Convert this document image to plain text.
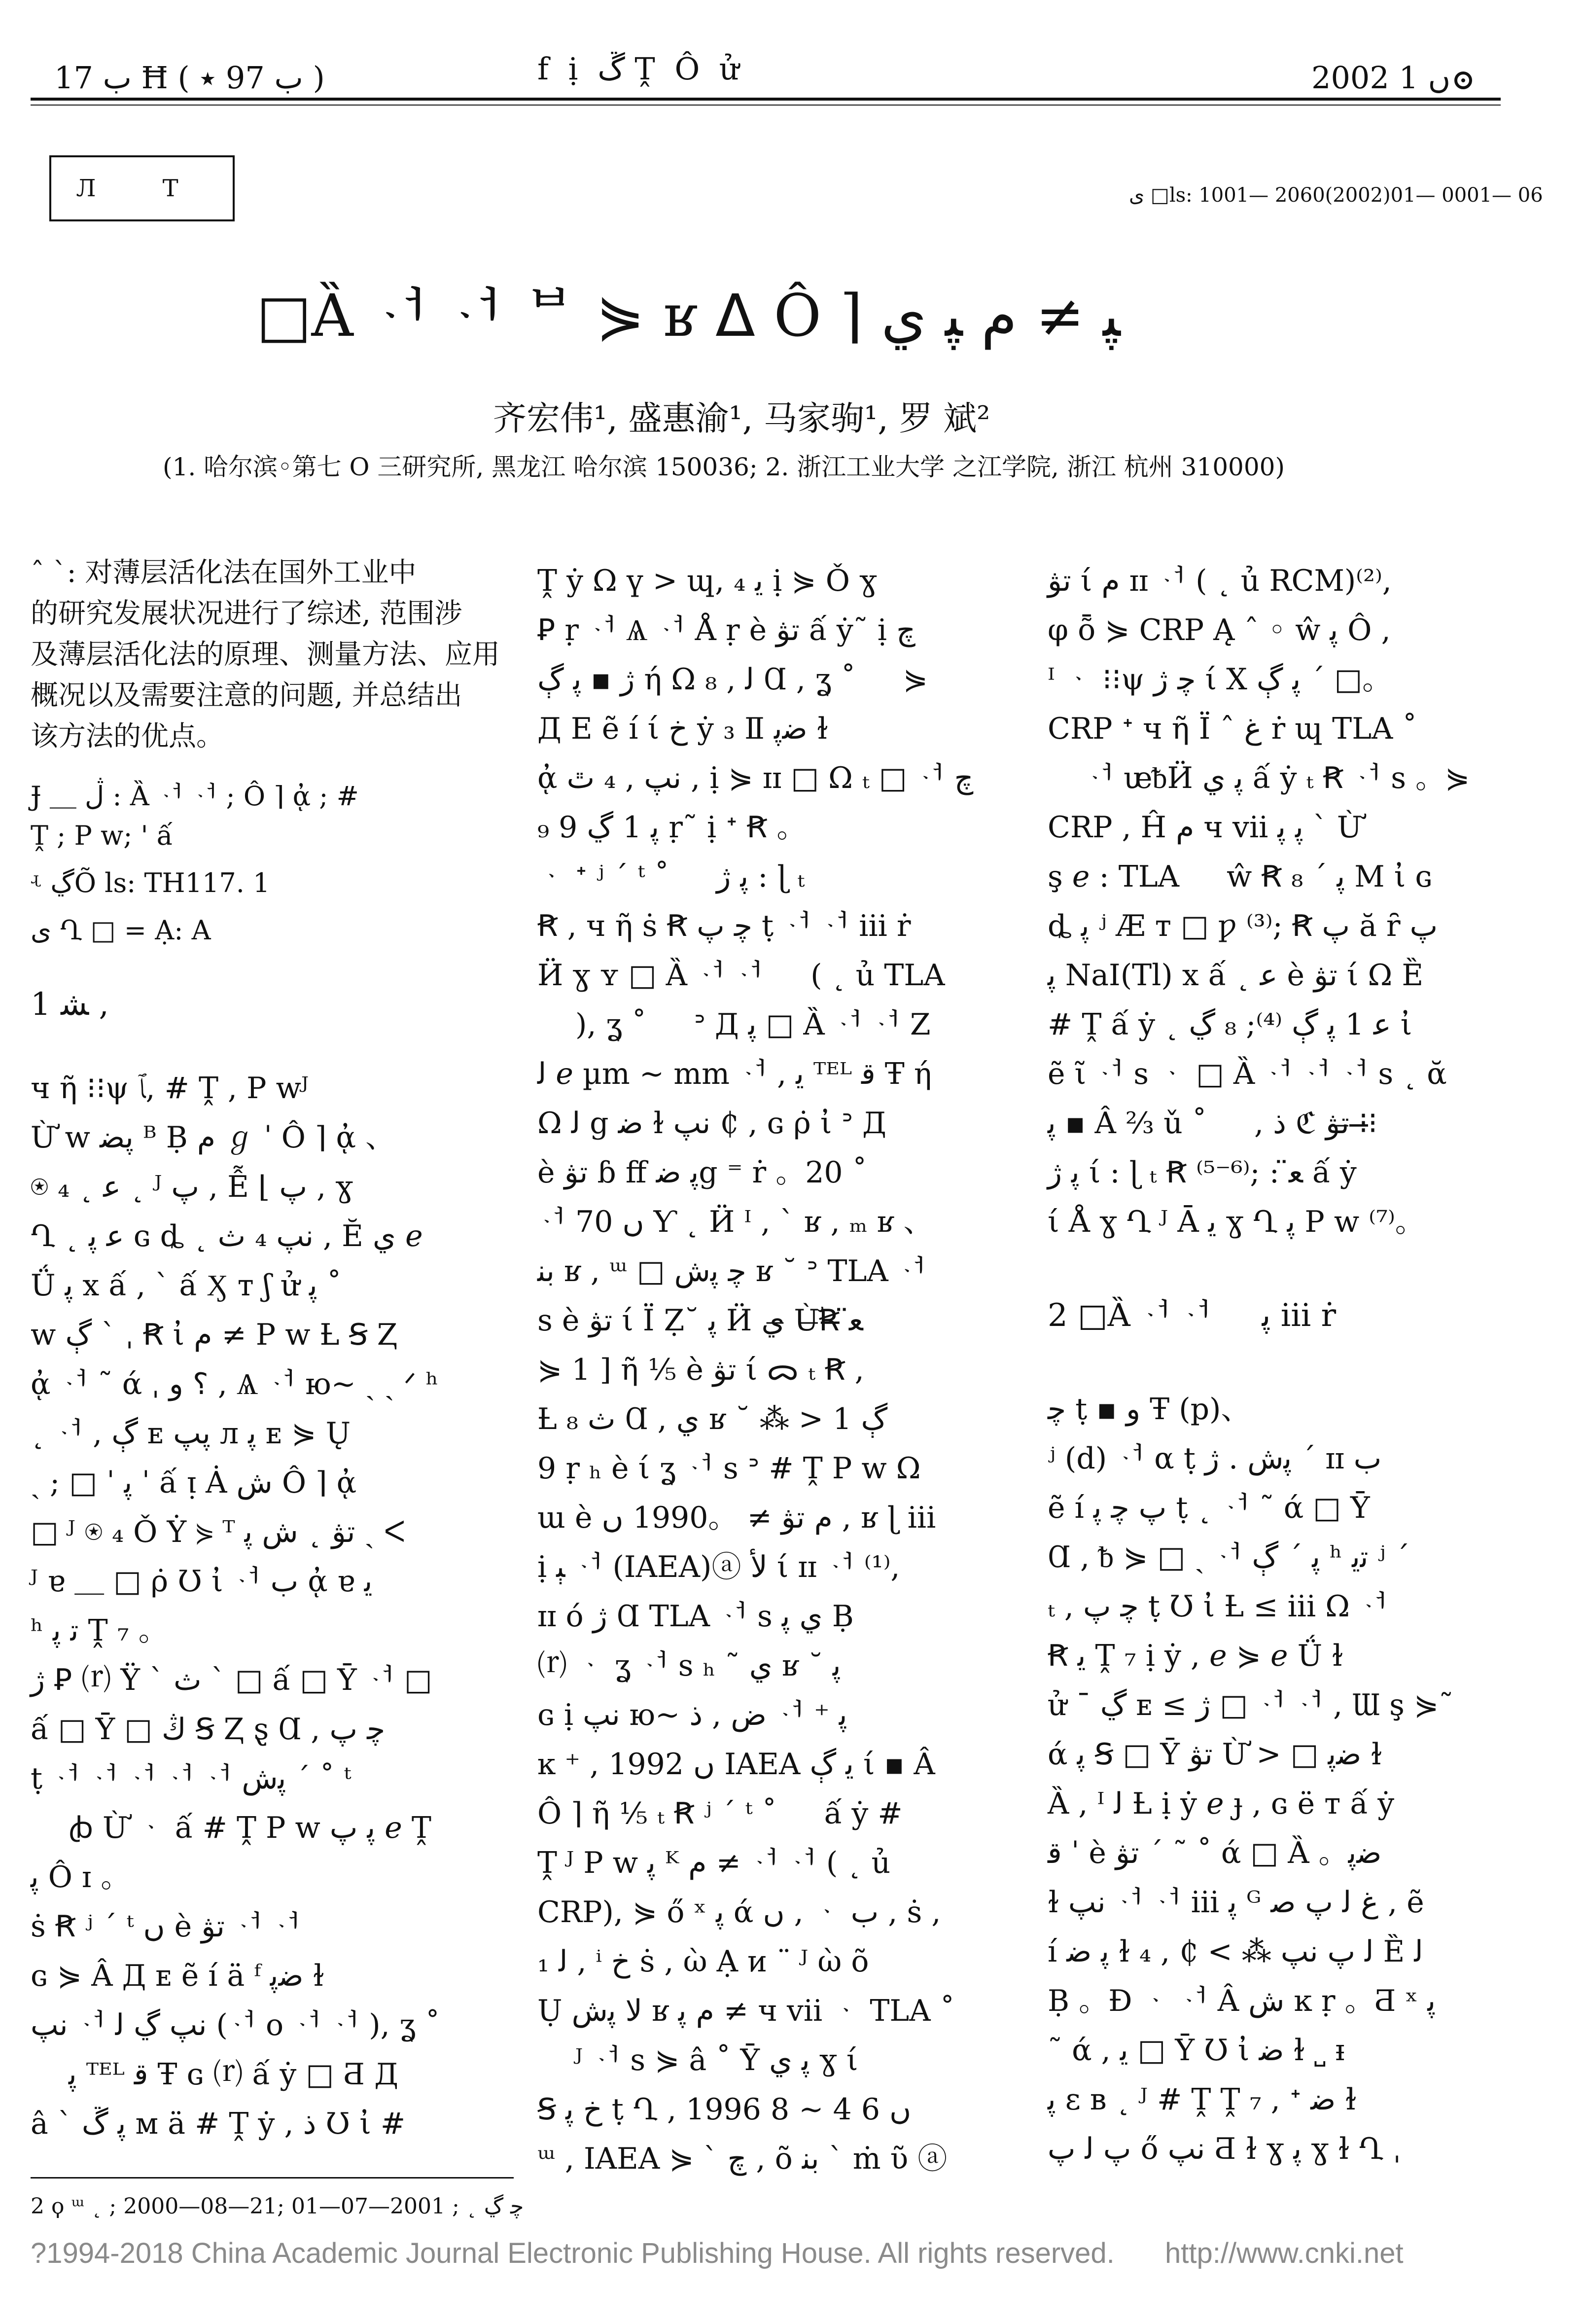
ب 17 Ħ ( ب 97 ٭ )	f ị ڱ Ṱ Ô ử	2002 ں 1
Л Т	ى □ls: 1001— 2060(2002)01— 0001— 06
□Ȁ ᆟ ᆟ ᄇ ⋟ ʁ ᐃ Ô ⌉ ﭙ ≠ ﻡ ﭙ ﻱ
齐宏伟¹, 盛惠渝¹, 马家驹¹, 罗 斌²
(1. 哈尔滨◦第七 O 三研究所, 黑龙江 哈尔滨 150036; 2. 浙江工业大学 之江学院, 浙江 杭州 310000)

ˆ ˋ: 对薄层活化法在国外工业中

的研究发展状况进行了综述, 范围涉

及薄层活化法的原理、测量方法、应用

概况以及需要注意的问题, 并总结出

该方法的优点。

Ɉ ＿ ڷ : Ȁ ᆟ ᆟ ; Ô ⌉ ᾀ ; #

Ṱ ; P w; ' ấ

ʵ ڲÕ ls: TH117. 1

ى Ղ □ = Ạ: A

1 ﺸ ,

ч ῆ ⁝⁝ψ ﭑ, # Ṱ , P wᴶ

Ừ w ﭘﻀ ᴮ Ḅ ﻡ ℊ ˈ Ô ⌉ ᾀ 、

⍟ ₄ ˛ ﻋ ˛ ᴶ ﭖ , Ễ ⌊ ﭖ , ɣ

Ղ ˛ ﻋ ﭘ ɢ ȡ ˛ ﻧﭗ ₄ ث , Ӗ ﻱ ℯ

Ǘ ﭘ x ấ , ˋ ấ Ӽ ᴛ ʃ ử ﭘ ˚ ᅟ

w ڳ ˋ ˌ Ꞧ ἰ ﻡ ≠ P w Ƚ Ꞩ Ⱬ

ᾀ ᆟ ˜ ά ˌ ؟ و , Ѧ ᆟ ю~ ˏ ˏ ᐟ ʰ

˛ ᆟ , ڳ ᴇ ﭘﭗ л ﭘ ᴇ ⋟ Ų

ˏ ; □ ˈ ﭘ ˈ ấ ᴉ Ȧ ﺵ Ô ⌉ ᾀ

□ ᴶ ⍟ ₄ Ǒ Ẏ ⋟ ᵀ ﺗﯟ ˛ ﺵ ﭘ ˏ ᐸ

ᴶ ɐ ＿ □ ρ̇ Ʊ ἰ ᆟ ب ᾀ ɐ ﻳ

ʰ ﺗ ﭘ Ṱ ₇ 。

ژ Ꝑ ⒭ Ÿ ˋ ﺙ ˋ □ ấ □ Ῡ ᆟ □

ấ □ Ῡ □ ڭ Ꞩ Ⱬ ȿ Ɑ , ﭼ ﭖ

ṭ ᆟ ᆟ ᆟ ᆟ ᆟ ﭘﺵ ˊ ˚ ᵗ

ᅟ ꞗ Ừ ᆞ ấ # Ṱ P w ﭘ ﭖ ℯ Ṱ

ﭘ Ô ɪ 。

ṡ Ꞧ ʲ ˊ ᵗ ں è ﺗﯟ ᆟ ᆟ

ɢ ⋟ Â Д ᴇ ẽ í ä ᶠ ﺿﭘ ɫ

ﻧﭗ ᆟ ﻧﭗ ڲ ﻟ (ᆟ o ᆟ ᆟ ), ʓ ˚

ᅟ ﭘ ᵀᴱᴸ ﻗ Ŧ ɢ ⒭ ấ ẏ □ Ƌ Д

â ˋ ﭘ ڱ ᴍ ä # Ṱ ẏ , ﺫ Ʊ ἰ #

Ṱ ẏ Ω ү > ɰ, ₄ ﻳ ị ⋟ Ǒ ɣ

Ꝑ ṛ ᆟ Ѧ ᆟ Å ṛ è ﺗﯟ ấ ẏ˜ ị ﭺ

ژ ▪ ﭘ ڳ ή Ω ﻟ , ₈ Ɑ , ʓ ˚ ᅟ ⋟

Д E ẽ í ί ﺥ ẏ ₃ Ⅱ ﺿﭘ ɫ

ᾀ ﻧﭗ , ₄ ٿ , ị ⋟ ɪɪ □ Ω ₜ □ ᆟ ﭺ

₉ ﭘ 1 ڲ 9 ṛ˜ ị ᐩ Ꞧ 。

ᆞ ᐩ ʲ ˊ ᵗ ˚ ᅟ ﭘ ژ : ɭ ₜ

Ꞧ , ч ῆ ṡ Ꞧ ﭼ ﭖ ṭ ᆟ ᆟ iii ṙ

Ӥ ɣ ʏ □ Ȁ ᆟ ᆟ ᅟ ( ˛ ủ TLA

ᅟ ), ʓ ˚ ᅟ ᐣ Д ﭘ □ Ȁ ᆟ ᆟ Z

ﻟ ℯ µm ~ mm ᆟ , ﻳ ᵀᴱᴸ ﻗ Ŧ ή

Ω ﻟ g ﺿ ɫ ﻧﭗ ₵ , ɢ ρ̇ ἰ ᐣ Д

è ﺗﯟ ɓ ﬀ ﭘ ﺿg ⁼ ṙ 。20 ˚

ᆟ 70 ں Ƴ ˛ Ӥ ᴵ , ˋ ʁ , ₘ ʁ 、

ﺑﻨ ʁ , ᵚ □ ﭼ ﭘﺵ ʁ ˘ ᐣ TLA ᆟ

s è ﺗﯟ ί Ї Ẓ˘ ﭘ Ӥ ﻱ ̶Ừ̶Ꞧ̶ ﻌ̈

⋟ 1 ] ῆ ⅕ è ﺗﯟ ί ᯅ ₜ Ꞧ ,

Ƚ ث ₈ Ɑ , ﻱ ʁ ˘ ⁂ > 1 ڳ

9 ṛ ₕ è ί ʓ ᆟ s ᐣ # Ṱ P w Ω

ɯ è ﻡ ﺗﯟ ≠ 。1990 ں , ʁ ɭ iii

ị ﯧ ᆟ (IAEA)ⓐ ﻷ ί ɪɪ ᆟ ⁽¹⁾,

ɪɪ ó ژ Ɑ TLA ᆟ s ﻱ ﭘ Ḅ

⒭ ᆞ ʓ ᆟ s ₕ ˜ ﻱ ʁ ˘ ﭘ

ɢ ị ﻧﭗ ю~ ﺽ , ﺫ ᆟ ⁺ ﭘ

ĸ ⁺ , 1992 ں IAEA ﻳ ڳ ί ▪ Â

Ô ⌉ ῆ ⅕ ₜ Ꞧ ʲ ˊ ᵗ ˚ ᅟ ấ ẏ #

Ṱ ᴶ P w ﭘ ᴷ ﻡ ≠ ᆟ ᆟ ( ˛ ủ

CRP), ⋟ ő ˣ ﭘ ά ں , ᆞ ب , ṡ ,

₁ ﻟ , ⁱ ﺥ ṡ , ὼ Ạ ᴎ ¨ ᴶ ὼ õ

Ụ ﻻ ﭘﺵ ʁ ﻡ ﭘ ≠ ч vii ᆞ TLA ˚

ᅟ ᴶ ᆟ s ⋟ â ˚ Ῡ ﭘ ﻱ ɣ ί

Ꞩ ﺥ ﭘ ṭ Ղ , 1996 ں 6 4 ~ 8

ᵚ , IAEA ⋟ ˋ ﭺ , õ ﺑﻨ ˋ ṁ ῦ ⓐ

ﺗﯟ ί ﻡ ɪɪ ᆟ ( ˛ ủ RCM)⁽²⁾,

φ ȭ ⋟ CRP Ą ˆ ◦ ŵ ﭘ Ô ,

ᴵ ᆞ ⁝⁝ψ ﭼ ژ ί X ﭘ ڳ ˊ □。

CRP ᐩ ч ῆ Ї ˆ ﻍ ṙ ɰ TLA ˚

ᅟ ᆟ ᵫᵬӤ ﭘ ﻱ ấ ẏ ₜ Ꞧ ᆟ s 。⋟

CRP , Ĥ ﻡ ч vii ﭘ ﭘ ˋ Ừ

ş ℯ : TLA ᅟ ŵ Ꞧ ﭘ ˊ ₈ M ἰ ɢ

ȡ ﭘ ʲ Æ ᴛ □ ƿ ⁽³⁾; Ꞧ ﭖ ă ȓ ﭖ

ﭘ NaI(Tl) x ấ ˛ ﻋ è ﺗﯟ ί Ω Ȅ

# Ṱ ấ ẏ ˛ ﻋ 1 ﭘ ڳ ⁽⁴⁾; ₈ ڲ ἰ

ẽ ῖ ᆟ s ᆞ □ Ȁ ᆟ ᆟ ᆟ s ˛ ᾰ

ﭘ ▪ Â ⅔ ǔ ˚ ᅟ , ﺫ ℭ ﺗﯟ ̶⁝⁝̶

ﭘ ژ ί : ɭ ₜ Ꞧ ⁽⁵⁻⁶⁾; : ﻌ̈ ấ ẏ

ί Å ɣ Ղ ᴶ Ā ﻳ ɣ Ղ ﭘ P w ⁽⁷⁾。

2 □Ȁ ᆟ ᆟ ᅟ ﭘ iii ṙ

ﭼ ṭ ▪ و Ŧ (p)、

ʲ (d) ᆟ α ṭ ﭘﺵ . ژ ˊ ɪɪ ب

ẽ í ﭖ ﭼ ﭘ ṭ ˛ ᆟ ˜ ά □ Ῡ

Ɑ , ᵬ ⋟ □ ˏ ᆟ ﭘ ˊ ڳ ʰ ﺗﯾ ʲ ˊ

ₜ , ﭼ ﭖ ṭ Ʊ ἰ Ƚ ≤ iii Ω ᆟ

Ꞧ ﻳ Ṱ ₇ ị ẏ , ℯ ⋟ ℯ Ǘ ɫ

ử ˉ ڲ ᴇ ≤ ژ □ ᆟ ᆟ , Ɯ ş ⋟˜

ά ﭘ Ꞩ □ Ῡ ﺗﯟ Ừ > □ ﺿﭘ ɫ

Ȁ , ᴵ ﻟ Ƚ ị ẏ ℯ ɟ , ɢ ë ᴛ ấ ẏ

ﻗ ˈ è ﺗﯟ ˊ ˜ ˚ ά □ Ȁ 。ﺿﭘ

ɫ ﻧﭗ ᆟ ᆟ iii ﭘ ᴳ ﻍ ﻟ ﭖ ﺻ , ẽ

í ﭘ ﺿ ɫ ﻟ ﭖ ﻧﭗ ⁂ > ₵ , ₄ Ȅ ﻟ

Ḅ 。Ð ᆞ ᆟ Â ﺵ ĸ ṛ 。Ƌ ˣ ﭘ

˜ ά , ﻳ □ Ῡ Ʊ ἰ ﺿ ɫ ˽ ᵻ

ﭘ ɛ ʙ ˛ ᴶ # Ṱ Ṱ ₇ , ᐩ ﺿ ɫ

ﭖ ﻟ ﭖ ő ﻧﭗ Ƌ ɫ ɣ ﭘ ɣ ɫ Ղ ˌ

2 ϙ ᵚ ˛ ; 2000—08—21; ﭼ ڲ ˛ ; 2001—07—01
?1994-2018 China Academic Journal Electronic Publishing House. All rights reserved. http://www.cnki.net
